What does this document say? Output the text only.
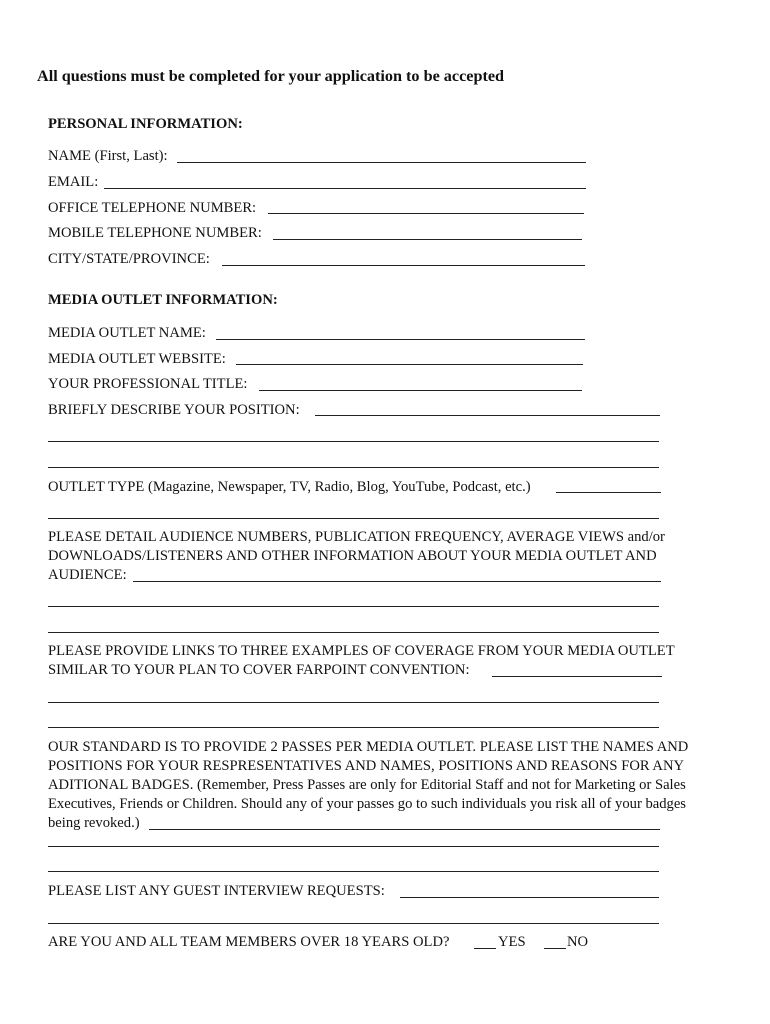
All questions must be completed for your application to be accepted
PERSONAL INFORMATION:
NAME (First, Last):
EMAIL:
OFFICE TELEPHONE NUMBER:
MOBILE TELEPHONE NUMBER:
CITY/STATE/PROVINCE:
MEDIA OUTLET INFORMATION:
MEDIA OUTLET NAME:
MEDIA OUTLET WEBSITE:
YOUR PROFESSIONAL TITLE:
BRIEFLY DESCRIBE YOUR POSITION:
OUTLET TYPE (Magazine, Newspaper, TV, Radio, Blog, YouTube, Podcast, etc.)
PLEASE DETAIL AUDIENCE NUMBERS, PUBLICATION FREQUENCY, AVERAGE VIEWS and/or
DOWNLOADS/LISTENERS AND OTHER INFORMATION ABOUT YOUR MEDIA OUTLET AND
AUDIENCE:
PLEASE PROVIDE LINKS TO THREE EXAMPLES OF COVERAGE FROM YOUR MEDIA OUTLET
SIMILAR TO YOUR PLAN TO COVER FARPOINT CONVENTION:
OUR STANDARD IS TO PROVIDE 2 PASSES PER MEDIA OUTLET. PLEASE LIST THE NAMES AND
POSITIONS FOR YOUR RESPRESENTATIVES AND NAMES, POSITIONS AND REASONS FOR ANY
ADITIONAL BADGES. (Remember, Press Passes are only for Editorial Staff and not for Marketing or Sales
Executives, Friends or Children. Should any of your passes go to such individuals you risk all of your badges
being revoked.)
PLEASE LIST ANY GUEST INTERVIEW REQUESTS:
ARE YOU AND ALL TEAM MEMBERS OVER 18 YEARS OLD?	YES	NO
